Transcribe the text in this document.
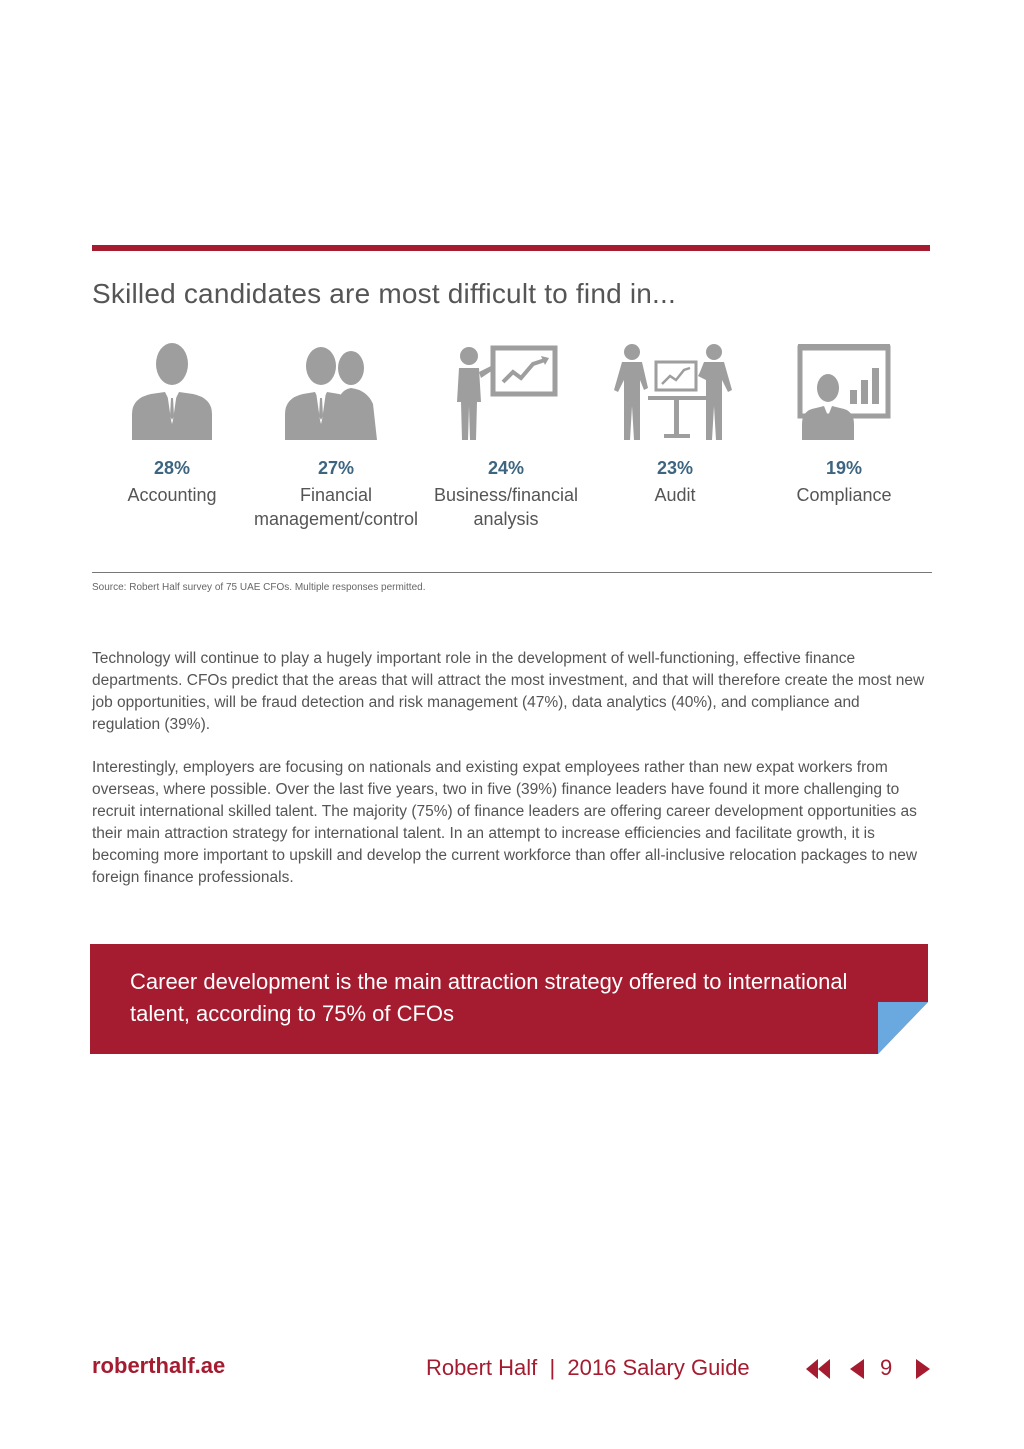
Skilled candidates are most difficult to find in...
28%
Accounting
27%
Financial management/control
24%
Business/financial analysis
23%
Audit
19%
Compliance
Source: Robert Half survey of 75 UAE CFOs. Multiple responses permitted.

Technology will continue to play a hugely important role in the development of well-functioning, effective finance departments. CFOs predict that the areas that will attract the most investment, and that will therefore create the most new job opportunities, will be fraud detection and risk management (47%), data analytics (40%), and compliance and regulation (39%).

Interestingly, employers are focusing on nationals and existing expat employees rather than new expat workers from overseas, where possible. Over the last five years, two in five (39%) finance leaders have found it more challenging to recruit international skilled talent. The majority (75%) of finance leaders are offering career development opportunities as their main attraction strategy for international talent. In an attempt to increase efficiencies and facilitate growth, it is becoming more important to upskill and develop the current workforce than offer all-inclusive relocation packages to new foreign finance professionals.

Career development is the main attraction strategy offered to international talent, according to 75% of CFOs

roberthalf.ae	Robert Half  |  2016 Salary Guide	9
